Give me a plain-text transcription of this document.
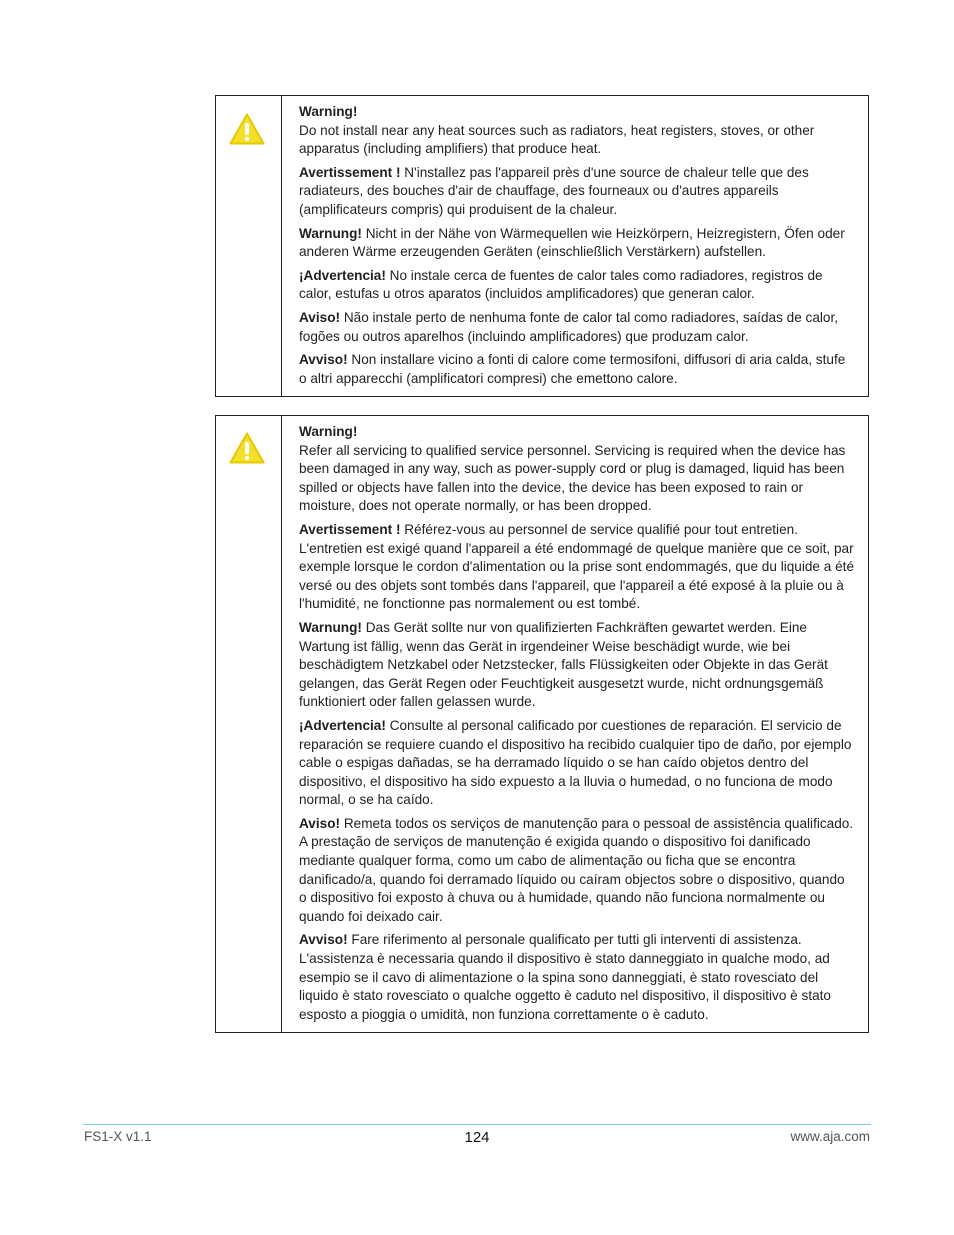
Warning!

Do not install near any heat sources such as radiators, heat registers, stoves, or other apparatus (including amplifiers) that produce heat.

Avertissement ! N'installez pas l'appareil près d'une source de chaleur telle que des radiateurs, des bouches d'air de chauffage, des fourneaux ou d'autres appareils (amplificateurs compris) qui produisent de la chaleur.

Warnung! Nicht in der Nähe von Wärmequellen wie Heizkörpern, Heizregistern, Öfen oder anderen Wärme erzeugenden Geräten (einschließlich Verstärkern) aufstellen.

¡Advertencia! No instale cerca de fuentes de calor tales como radiadores, registros de calor, estufas u otros aparatos (incluidos amplificadores) que generan calor.

Aviso! Não instale perto de nenhuma fonte de calor tal como radiadores, saídas de calor, fogões ou outros aparelhos (incluindo amplificadores) que produzam calor.

Avviso! Non installare vicino a fonti di calore come termosifoni, diffusori di aria calda, stufe o altri apparecchi (amplificatori compresi) che emettono calore.

Warning!

Refer all servicing to qualified service personnel. Servicing is required when the device has been damaged in any way, such as power-supply cord or plug is damaged, liquid has been spilled or objects have fallen into the device, the device has been exposed to rain or moisture, does not operate normally, or has been dropped.

Avertissement ! Référez-vous au personnel de service qualifié pour tout entretien. L'entretien est exigé quand l'appareil a été endommagé de quelque manière que ce soit, par exemple lorsque le cordon d'alimentation ou la prise sont endommagés, que du liquide a été versé ou des objets sont tombés dans l'appareil, que l'appareil a été exposé à la pluie ou à l'humidité, ne fonctionne pas normalement ou est tombé.

Warnung! Das Gerät sollte nur von qualifizierten Fachkräften gewartet werden. Eine Wartung ist fällig, wenn das Gerät in irgendeiner Weise beschädigt wurde, wie bei beschädigtem Netzkabel oder Netzstecker, falls Flüssigkeiten oder Objekte in das Gerät gelangen, das Gerät Regen oder Feuchtigkeit ausgesetzt wurde, nicht ordnungsgemäß funktioniert oder fallen gelassen wurde.

¡Advertencia! Consulte al personal calificado por cuestiones de reparación. El servicio de reparación se requiere cuando el dispositivo ha recibido cualquier tipo de daño, por ejemplo cable o espigas dañadas, se ha derramado líquido o se han caído objetos dentro del dispositivo, el dispositivo ha sido expuesto a la lluvia o humedad, o no funciona de modo normal, o se ha caído.

Aviso! Remeta todos os serviços de manutenção para o pessoal de assistência qualificado. A prestação de serviços de manutenção é exigida quando o dispositivo foi danificado mediante qualquer forma, como um cabo de alimentação ou ficha que se encontra danificado/a, quando foi derramado líquido ou caíram objectos sobre o dispositivo, quando o dispositivo foi exposto à chuva ou à humidade, quando não funciona normalmente ou quando foi deixado cair.

Avviso! Fare riferimento al personale qualificato per tutti gli interventi di assistenza. L'assistenza è necessaria quando il dispositivo è stato danneggiato in qualche modo, ad esempio se il cavo di alimentazione o la spina sono danneggiati, è stato rovesciato del liquido è stato rovesciato o qualche oggetto è caduto nel dispositivo, il dispositivo è stato esposto a pioggia o umidità, non funziona correttamente o è caduto.

FS1-X v1.1	124	www.aja.com
